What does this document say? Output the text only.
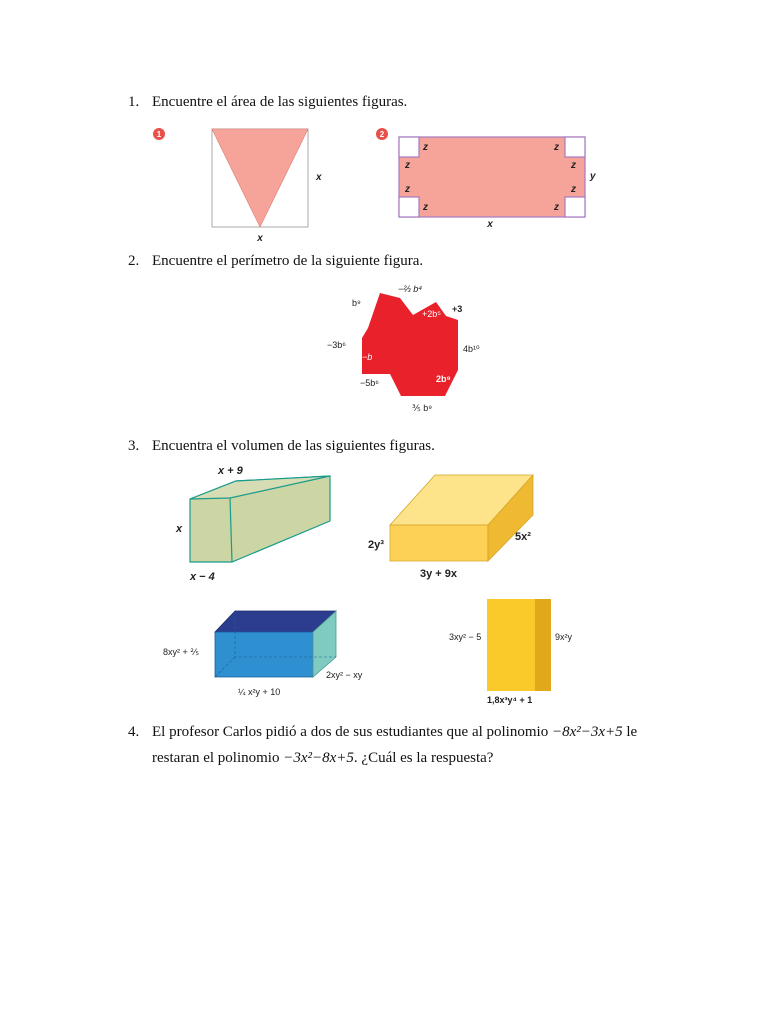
1. Encuentre el área de las siguientes figuras.
1
x
x
2
z	z
z	z
z	z
z	z
y
x
2. Encuentre el perímetro de la siguiente figura.
−⅔ b⁴
b⁹
+2b⁵ +3
−3b⁶
−b
4b¹⁰
−5b⁶	2b⁹
⅗ b⁹
3. Encuentra el volumen de las siguientes figuras.
x + 9
x
x − 4
2y³
5x²
3y + 9x
8xy² + ⅖
2xy² − xy
¼ x²y + 10
3xy² − 5	9x²y
1,8x³y⁴ + 1
4. El profesor Carlos pidió a dos de sus estudiantes que al polinomio −8x²−3x+5 le
restaran el polinomio −3x²−8x+5. ¿Cuál es la respuesta?
